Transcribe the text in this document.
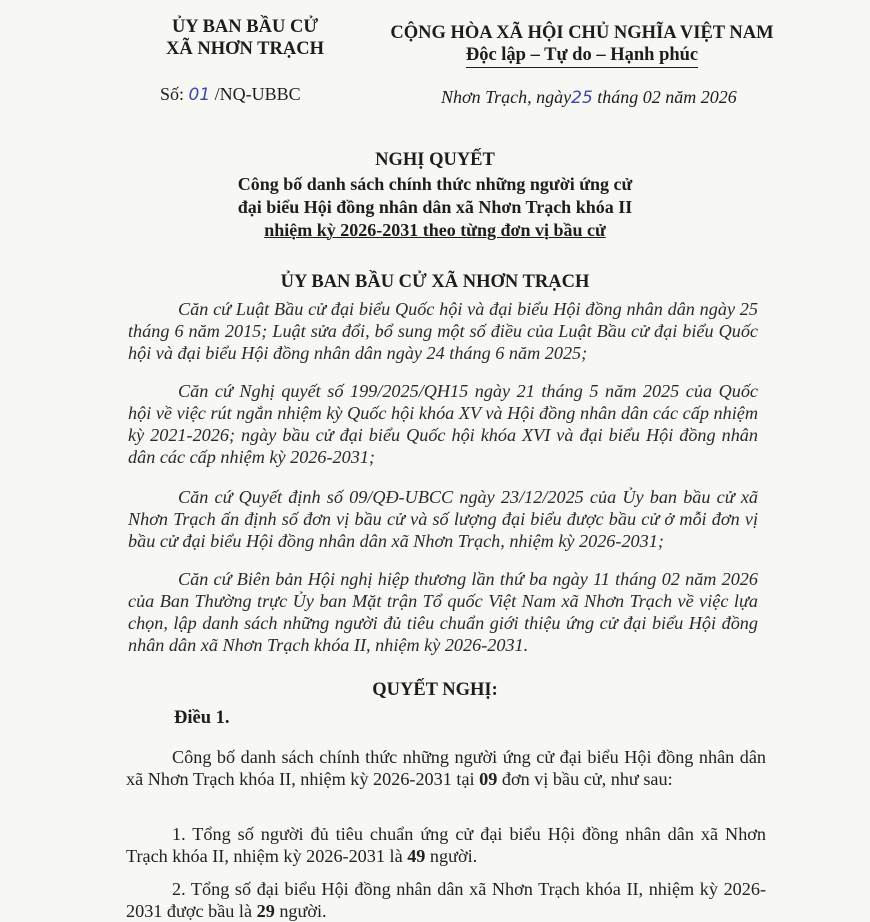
ỦY BAN BẦU CỬ
XÃ NHƠN TRẠCH
CỘNG HÒA XÃ HỘI CHỦ NGHĨA VIỆT NAM
Độc lập – Tự do – Hạnh phúc
Số: 01 /NQ-UBBC	Nhơn Trạch, ngày25 tháng 02 năm 2026
NGHỊ QUYẾT
Công bố danh sách chính thức những người ứng cử
đại biểu Hội đồng nhân dân xã Nhơn Trạch khóa II
nhiệm kỳ 2026-2031 theo từng đơn vị bầu cử
ỦY BAN BẦU CỬ XÃ NHƠN TRẠCH

Căn cứ Luật Bầu cử đại biểu Quốc hội và đại biểu Hội đồng nhân dân ngày 25 tháng 6 năm 2015; Luật sửa đổi, bổ sung một số điều của Luật Bầu cử đại biểu Quốc hội và đại biểu Hội đồng nhân dân ngày 24 tháng 6 năm 2025;

Căn cứ Nghị quyết số 199/2025/QH15 ngày 21 tháng 5 năm 2025 của Quốc hội về việc rút ngắn nhiệm kỳ Quốc hội khóa XV và Hội đồng nhân dân các cấp nhiệm kỳ 2021-2026; ngày bầu cử đại biểu Quốc hội khóa XVI và đại biểu Hội đồng nhân dân các cấp nhiệm kỳ 2026-2031;

Căn cứ Quyết định số 09/QĐ-UBCC ngày 23/12/2025 của Ủy ban bầu cử xã Nhơn Trạch ấn định số đơn vị bầu cử và số lượng đại biểu được bầu cử ở mỗi đơn vị bầu cử đại biểu Hội đồng nhân dân xã Nhơn Trạch, nhiệm kỳ 2026-2031;

Căn cứ Biên bản Hội nghị hiệp thương lần thứ ba ngày 11 tháng 02 năm 2026 của Ban Thường trực Ủy ban Mặt trận Tổ quốc Việt Nam xã Nhơn Trạch về việc lựa chọn, lập danh sách những người đủ tiêu chuẩn giới thiệu ứng cử đại biểu Hội đồng nhân dân xã Nhơn Trạch khóa II, nhiệm kỳ 2026-2031.

QUYẾT NGHỊ:
Điều 1.

Công bố danh sách chính thức những người ứng cử đại biểu Hội đồng nhân dân xã Nhơn Trạch khóa II, nhiệm kỳ 2026-2031 tại 09 đơn vị bầu cử, như sau:

1. Tổng số người đủ tiêu chuẩn ứng cử đại biểu Hội đồng nhân dân xã Nhơn Trạch khóa II, nhiệm kỳ 2026-2031 là 49 người.

2. Tổng số đại biểu Hội đồng nhân dân xã Nhơn Trạch khóa II, nhiệm kỳ 2026-2031 được bầu là 29 người.
